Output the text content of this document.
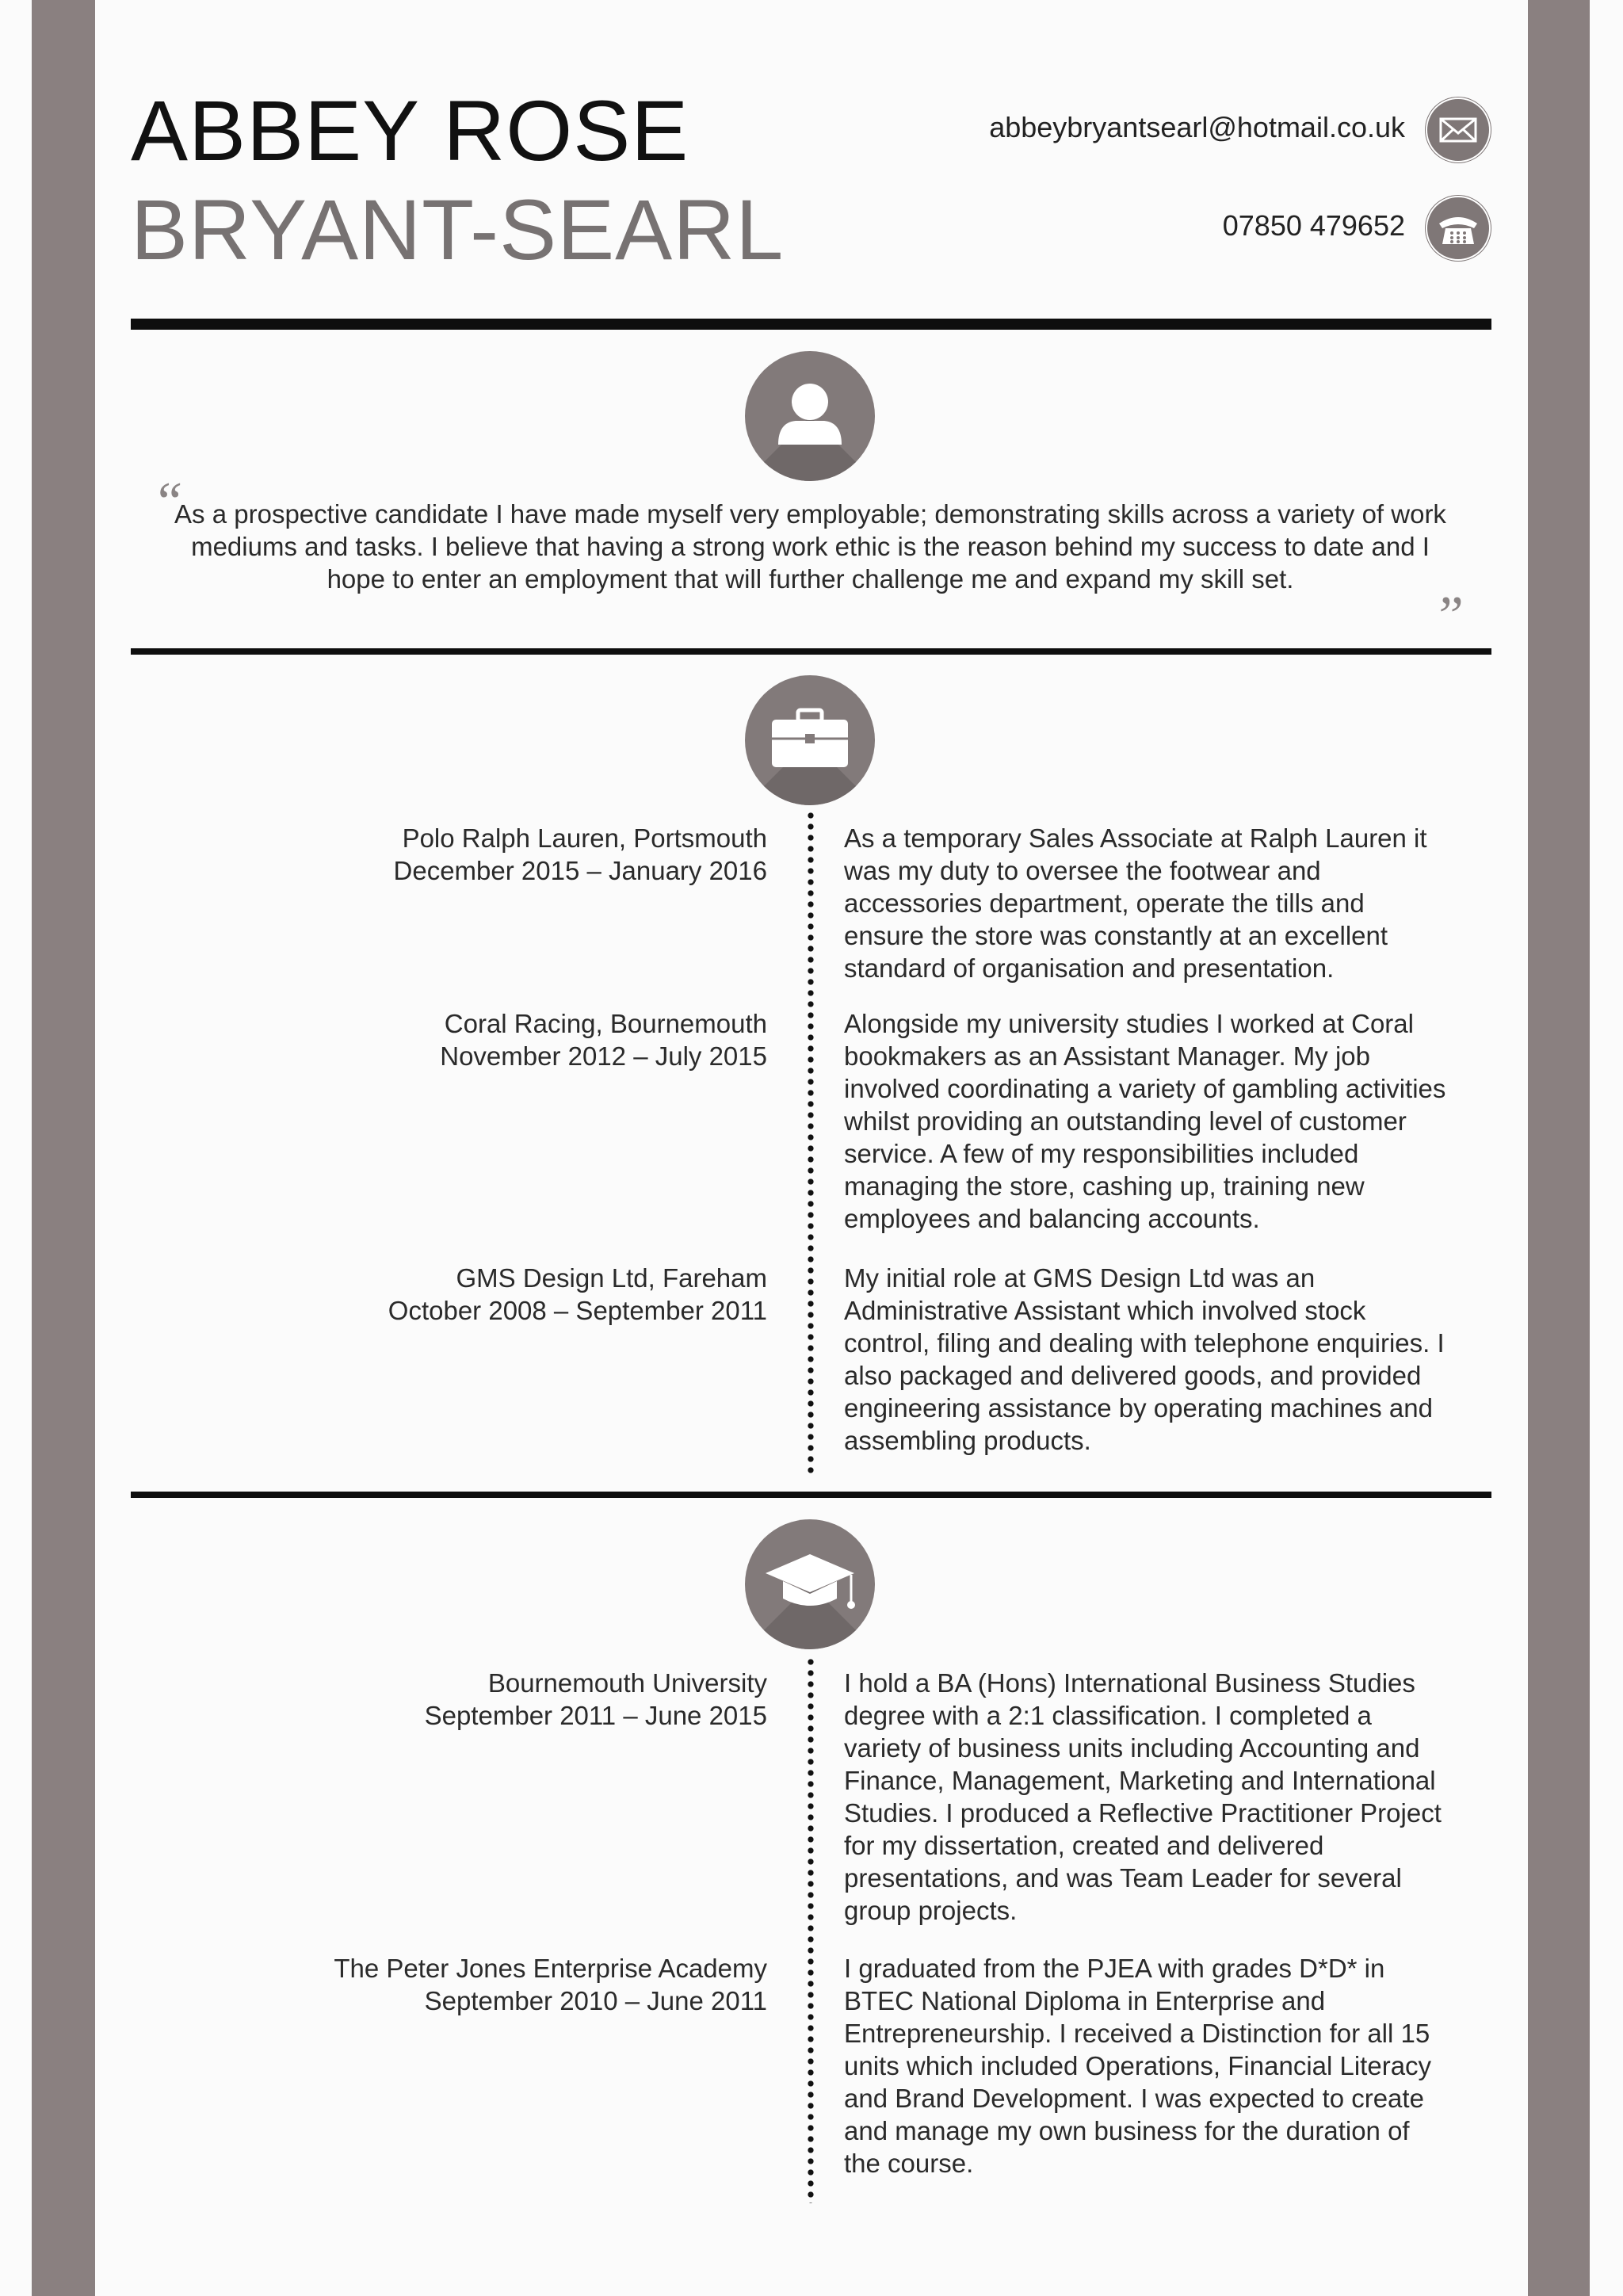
ABBEY ROSE
BRYANT-SEARL
abbeybryantsearl@hotmail.co.uk
07850 479652
“
As a prospective candidate I have made myself very employable; demonstrating skills across a variety of work mediums and tasks. I believe that having a strong work ethic is the reason behind my success to date and I hope to enter an employment that will further challenge me and expand my skill set.
”
Polo Ralph Lauren, Portsmouth
December 2015 – January 2016
As a temporary Sales Associate at Ralph Lauren it was my duty to oversee the footwear and accessories department, operate the tills and ensure the store was constantly at an excellent standard of organisation and presentation.
Coral Racing, Bournemouth
November 2012 – July 2015
Alongside my university studies I worked at Coral bookmakers as an Assistant Manager. My job involved coordinating a variety of gambling activities whilst providing an outstanding level of customer service. A few of my responsibilities included managing the store, cashing up, training new employees and balancing accounts.
GMS Design Ltd, Fareham
October 2008 – September 2011
My initial role at GMS Design Ltd was an Administrative Assistant which involved stock control, filing and dealing with telephone enquiries. I also packaged and delivered goods, and provided engineering assistance by operating machines and assembling products.
Bournemouth University
September 2011 – June 2015
I hold a BA (Hons) International Business Studies degree with a 2:1 classification. I completed a variety of business units including Accounting and Finance, Management, Marketing and International Studies. I produced a Reflective Practitioner Project for my dissertation, created and delivered presentations, and was Team Leader for several group projects.
The Peter Jones Enterprise Academy
September 2010 – June 2011
I graduated from the PJEA with grades D*D* in BTEC National Diploma in Enterprise and Entrepreneurship. I received a Distinction for all 15 units which included Operations, Financial Literacy and Brand Development. I was expected to create and manage my own business for the duration of the course.
